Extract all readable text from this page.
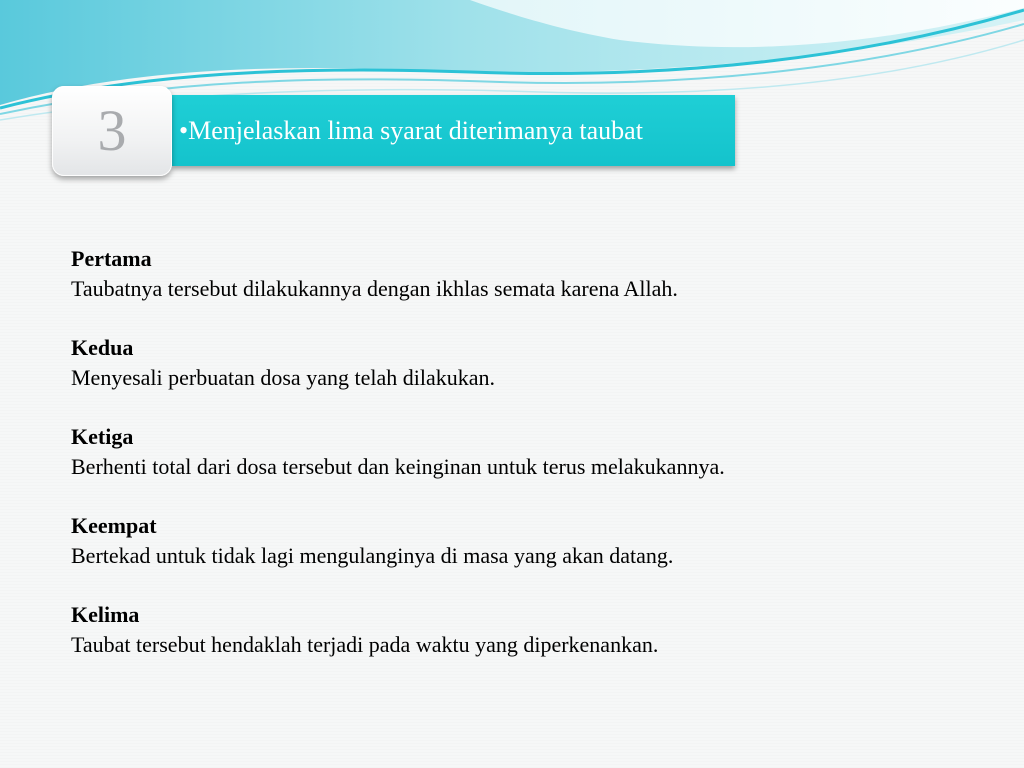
3 •Menjelaskan lima syarat diterimanya taubat
Pertama
Taubatnya tersebut dilakukannya dengan ikhlas semata karena Allah.
Kedua
Menyesali perbuatan dosa yang telah dilakukan.
Ketiga
Berhenti total dari dosa tersebut dan keinginan untuk terus melakukannya.
Keempat
Bertekad untuk tidak lagi mengulanginya di masa yang akan datang.
Kelima
Taubat tersebut hendaklah terjadi pada waktu yang diperkenankan.
